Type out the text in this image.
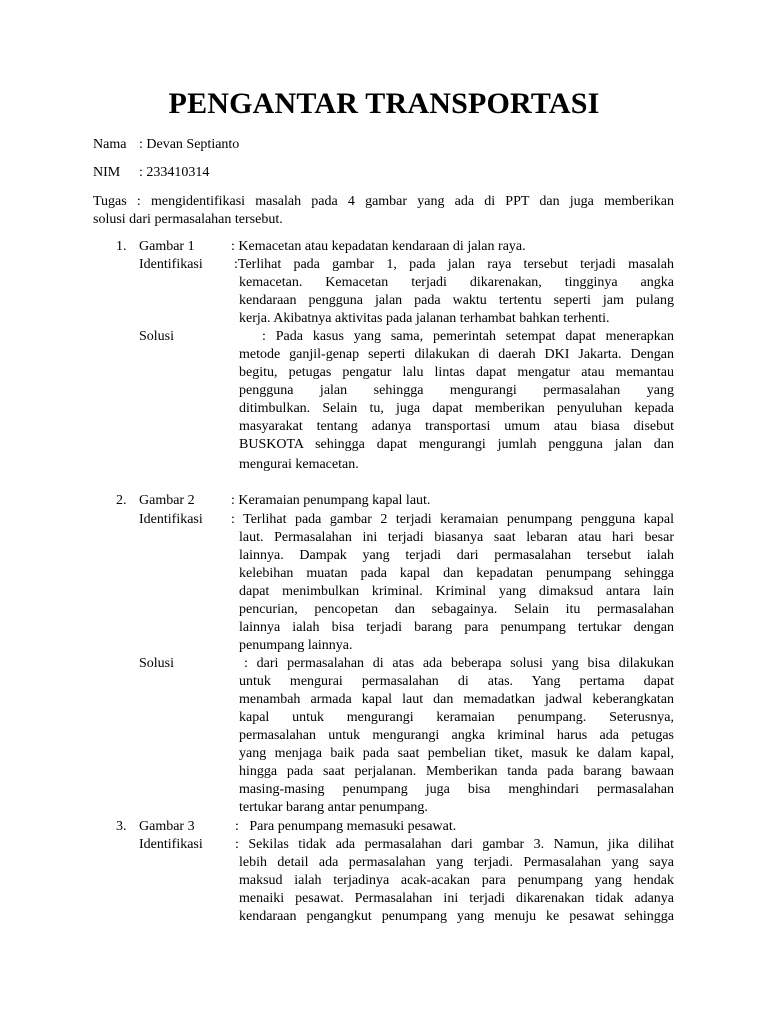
PENGANTAR TRANSPORTASI
Nama : Devan Septianto
NIM : 233410314
Tugas : mengidentifikasi masalah pada 4 gambar yang ada di PPT dan juga memberikan
solusi dari permasalahan tersebut.
1. Gambar 1	: Kemacetan atau kepadatan kendaraan di jalan raya.
Identifikasi :Terlihat pada gambar 1, pada jalan raya tersebut terjadi masalah
kemacetan. Kemacetan terjadi dikarenakan, tingginya angka
kendaraan pengguna jalan pada waktu tertentu seperti jam pulang
kerja. Akibatnya aktivitas pada jalanan terhambat bahkan terhenti.
Solusi	: Pada kasus yang sama, pemerintah setempat dapat menerapkan
metode ganjil-genap seperti dilakukan di daerah DKI Jakarta. Dengan
begitu, petugas pengatur lalu lintas dapat mengatur atau memantau
pengguna jalan sehingga mengurangi permasalahan yang
ditimbulkan. Selain tu, juga dapat memberikan penyuluhan kepada
masyarakat tentang adanya transportasi umum atau biasa disebut
BUSKOTA sehingga dapat mengurangi jumlah pengguna jalan dan
mengurai kemacetan.
2. Gambar 2	: Keramaian penumpang kapal laut.
Identifikasi : Terlihat pada gambar 2 terjadi keramaian penumpang pengguna kapal
laut. Permasalahan ini terjadi biasanya saat lebaran atau hari besar
lainnya. Dampak yang terjadi dari permasalahan tersebut ialah
kelebihan muatan pada kapal dan kepadatan penumpang sehingga
dapat menimbulkan kriminal. Kriminal yang dimaksud antara lain
pencurian, pencopetan dan sebagainya. Selain itu permasalahan
lainnya ialah bisa terjadi barang para penumpang tertukar dengan
penumpang lainnya.
Solusi	: dari permasalahan di atas ada beberapa solusi yang bisa dilakukan
untuk mengurai permasalahan di atas. Yang pertama dapat
menambah armada kapal laut dan memadatkan jadwal keberangkatan
kapal untuk mengurangi keramaian penumpang. Seterusnya,
permasalahan untuk mengurangi angka kriminal harus ada petugas
yang menjaga baik pada saat pembelian tiket, masuk ke dalam kapal,
hingga pada saat perjalanan. Memberikan tanda pada barang bawaan
masing-masing penumpang juga bisa menghindari permasalahan
tertukar barang antar penumpang.
3. Gambar 3	:   Para penumpang memasuki pesawat.
Identifikasi : Sekilas tidak ada permasalahan dari gambar 3. Namun, jika dilihat
lebih detail ada permasalahan yang terjadi. Permasalahan yang saya
maksud ialah terjadinya acak-acakan para penumpang yang hendak
menaiki pesawat. Permasalahan ini terjadi dikarenakan tidak adanya
kendaraan pengangkut penumpang yang menuju ke pesawat sehingga
